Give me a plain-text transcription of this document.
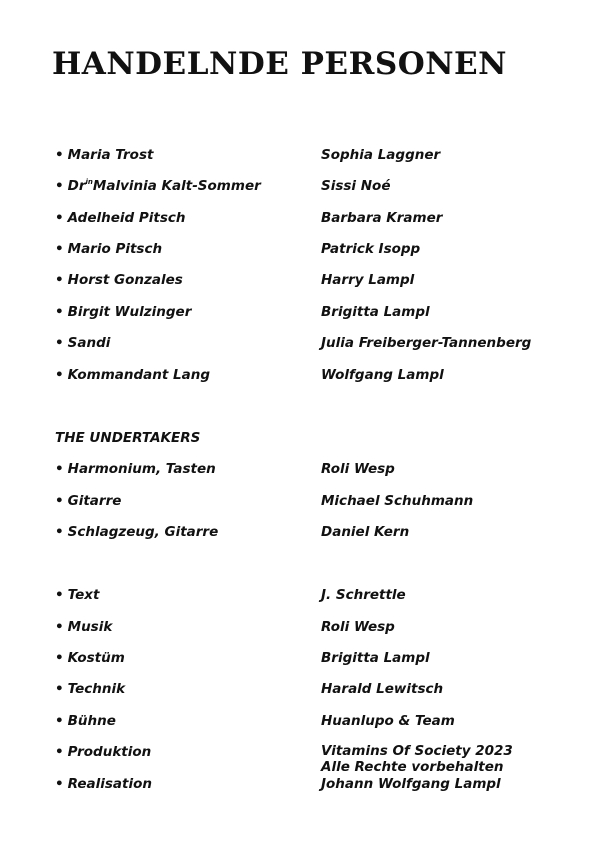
HANDELNDE PERSONEN
• Maria Trost	Sophia Laggner
• $Dr^{in}Malvinia$ Kalt-Sommer	Sissi Noé
• Adelheid Pitsch	Barbara Kramer
• Mario Pitsch	Patrick Isopp
• Horst Gonzales	Harry Lampl
• Birgit Wulzinger	Brigitta Lampl
• Sandi	Julia Freiberger-Tannenberg
• Kommandant Lang	Wolfgang Lampl
THE UNDERTAKERS
• Harmonium, Tasten	Roli Wesp
• Gitarre	Michael Schuhmann
• Schlagzeug, Gitarre	Daniel Kern
• Text	J. Schrettle
• Musik	Roli Wesp
• Kostüm	Brigitta Lampl
• Technik	Harald Lewitsch
• Bühne	Huanlupo & Team
• Produktion	Vitamins Of Society 2023
Alle Rechte vorbehalten
• Realisation	Johann Wolfgang Lampl
